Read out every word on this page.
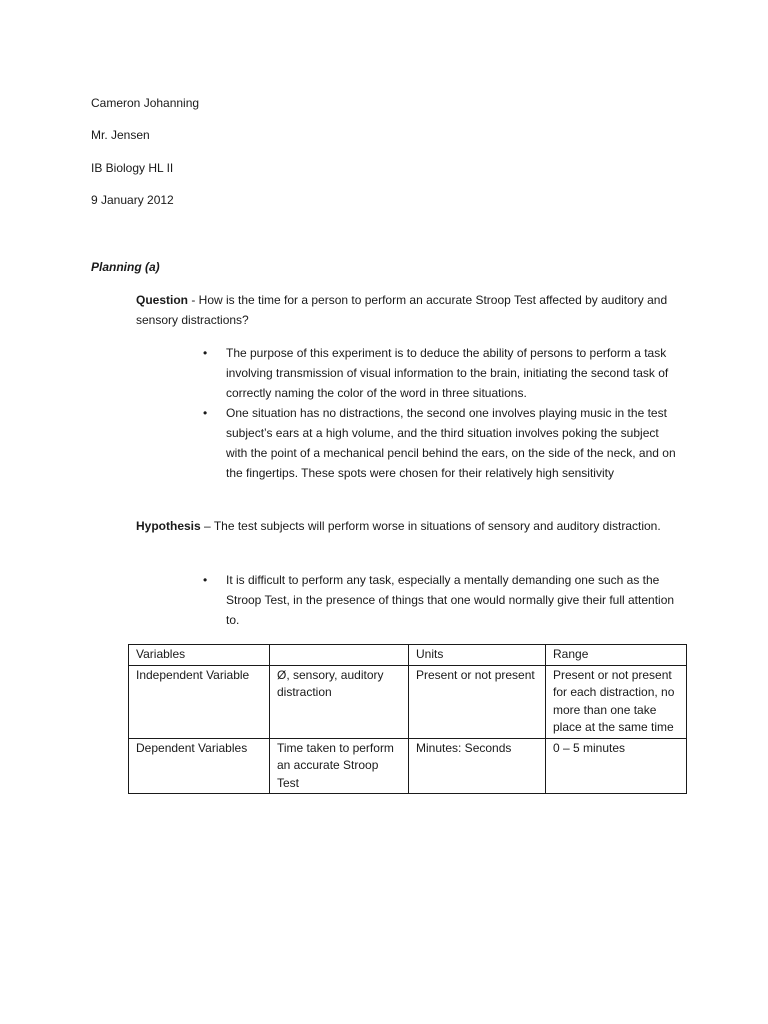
Cameron Johanning
Mr. Jensen
IB Biology HL II
9 January 2012
Planning (a)
Question - How is the time for a person to perform an accurate Stroop Test affected by auditory and sensory distractions?
• The purpose of this experiment is to deduce the ability of persons to perform a task involving transmission of visual information to the brain, initiating the second task of correctly naming the color of the word in three situations.
• One situation has no distractions, the second one involves playing music in the test subject’s ears at a high volume, and the third situation involves poking the subject with the point of a mechanical pencil behind the ears, on the side of the neck, and on the fingertips. These spots were chosen for their relatively high sensitivity
Hypothesis – The test subjects will perform worse in situations of sensory and auditory distraction.
• It is difficult to perform any task, especially a mentally demanding one such as the Stroop Test, in the presence of things that one would normally give their full attention to.
Variables		Units	Range
Independent Variable	Ø, sensory, auditory distraction	Present or not present	Present or not present for each distraction, no more than one take place at the same time
Dependent Variables	Time taken to perform an accurate Stroop Test	Minutes: Seconds	0 – 5 minutes
